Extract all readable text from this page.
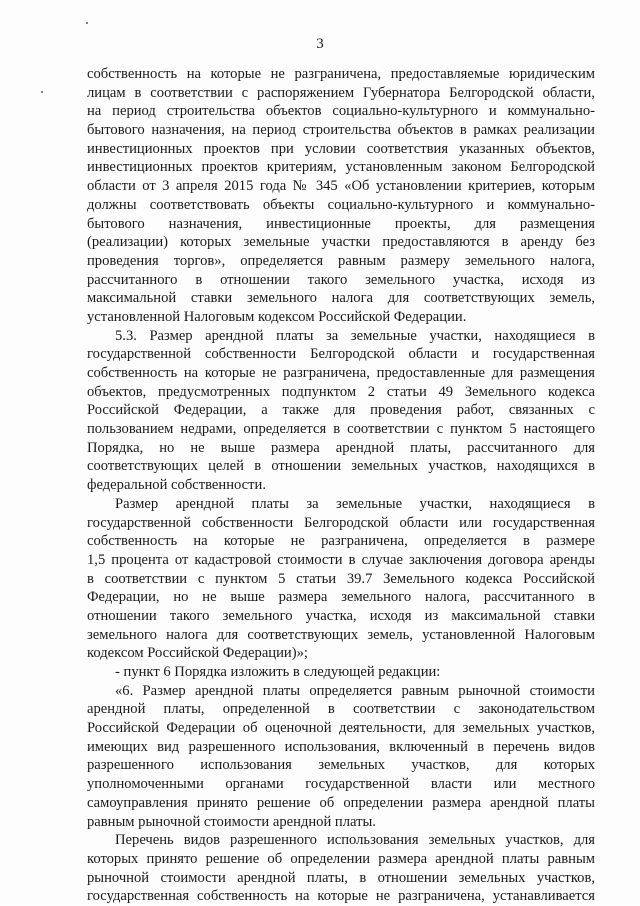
3
собственность на которые не разграничена, предоставляемые юридическим
лицам в соответствии с распоряжением Губернатора Белгородской области,
на период строительства объектов социально-культурного и коммунально-
бытового назначения, на период строительства объектов в рамках реализации
инвестиционных проектов при условии соответствия указанных объектов,
инвестиционных проектов критериям, установленным законом Белгородской
области от 3 апреля 2015 года № 345 «Об установлении критериев, которым
должны соответствовать объекты социально-культурного и коммунально-
бытового назначения, инвестиционные проекты, для размещения
(реализации) которых земельные участки предоставляются в аренду без
проведения торгов», определяется равным размеру земельного налога,
рассчитанного в отношении такого земельного участка, исходя из
максимальной ставки земельного налога для соответствующих земель,
установленной Налоговым кодексом Российской Федерации.
5.3. Размер арендной платы за земельные участки, находящиеся в
государственной собственности Белгородской области и государственная
собственность на которые не разграничена, предоставленные для размещения
объектов, предусмотренных подпунктом 2 статьи 49 Земельного кодекса
Российской Федерации, а также для проведения работ, связанных с
пользованием недрами, определяется в соответствии с пунктом 5 настоящего
Порядка, но не выше размера арендной платы, рассчитанного для
соответствующих целей в отношении земельных участков, находящихся в
федеральной собственности.
Размер арендной платы за земельные участки, находящиеся в
государственной собственности Белгородской области или государственная
собственность на которые не разграничена, определяется в размере
1,5 процента от кадастровой стоимости в случае заключения договора аренды
в соответствии с пунктом 5 статьи 39.7 Земельного кодекса Российской
Федерации, но не выше размера земельного налога, рассчитанного в
отношении такого земельного участка, исходя из максимальной ставки
земельного налога для соответствующих земель, установленной Налоговым
кодексом Российской Федерации)»;
- пункт 6 Порядка изложить в следующей редакции:
«6. Размер арендной платы определяется равным рыночной стоимости
арендной платы, определенной в соответствии с законодательством
Российской Федерации об оценочной деятельности, для земельных участков,
имеющих вид разрешенного использования, включенный в перечень видов
разрешенного использования земельных участков, для которых
уполномоченными органами государственной власти или местного
самоуправления принято решение об определении размера арендной платы
равным рыночной стоимости арендной платы.
Перечень видов разрешенного использования земельных участков, для
которых принято решение об определении размера арендной платы равным
рыночной стоимости арендной платы, в отношении земельных участков,
государственная собственность на которые не разграничена, устанавливается
